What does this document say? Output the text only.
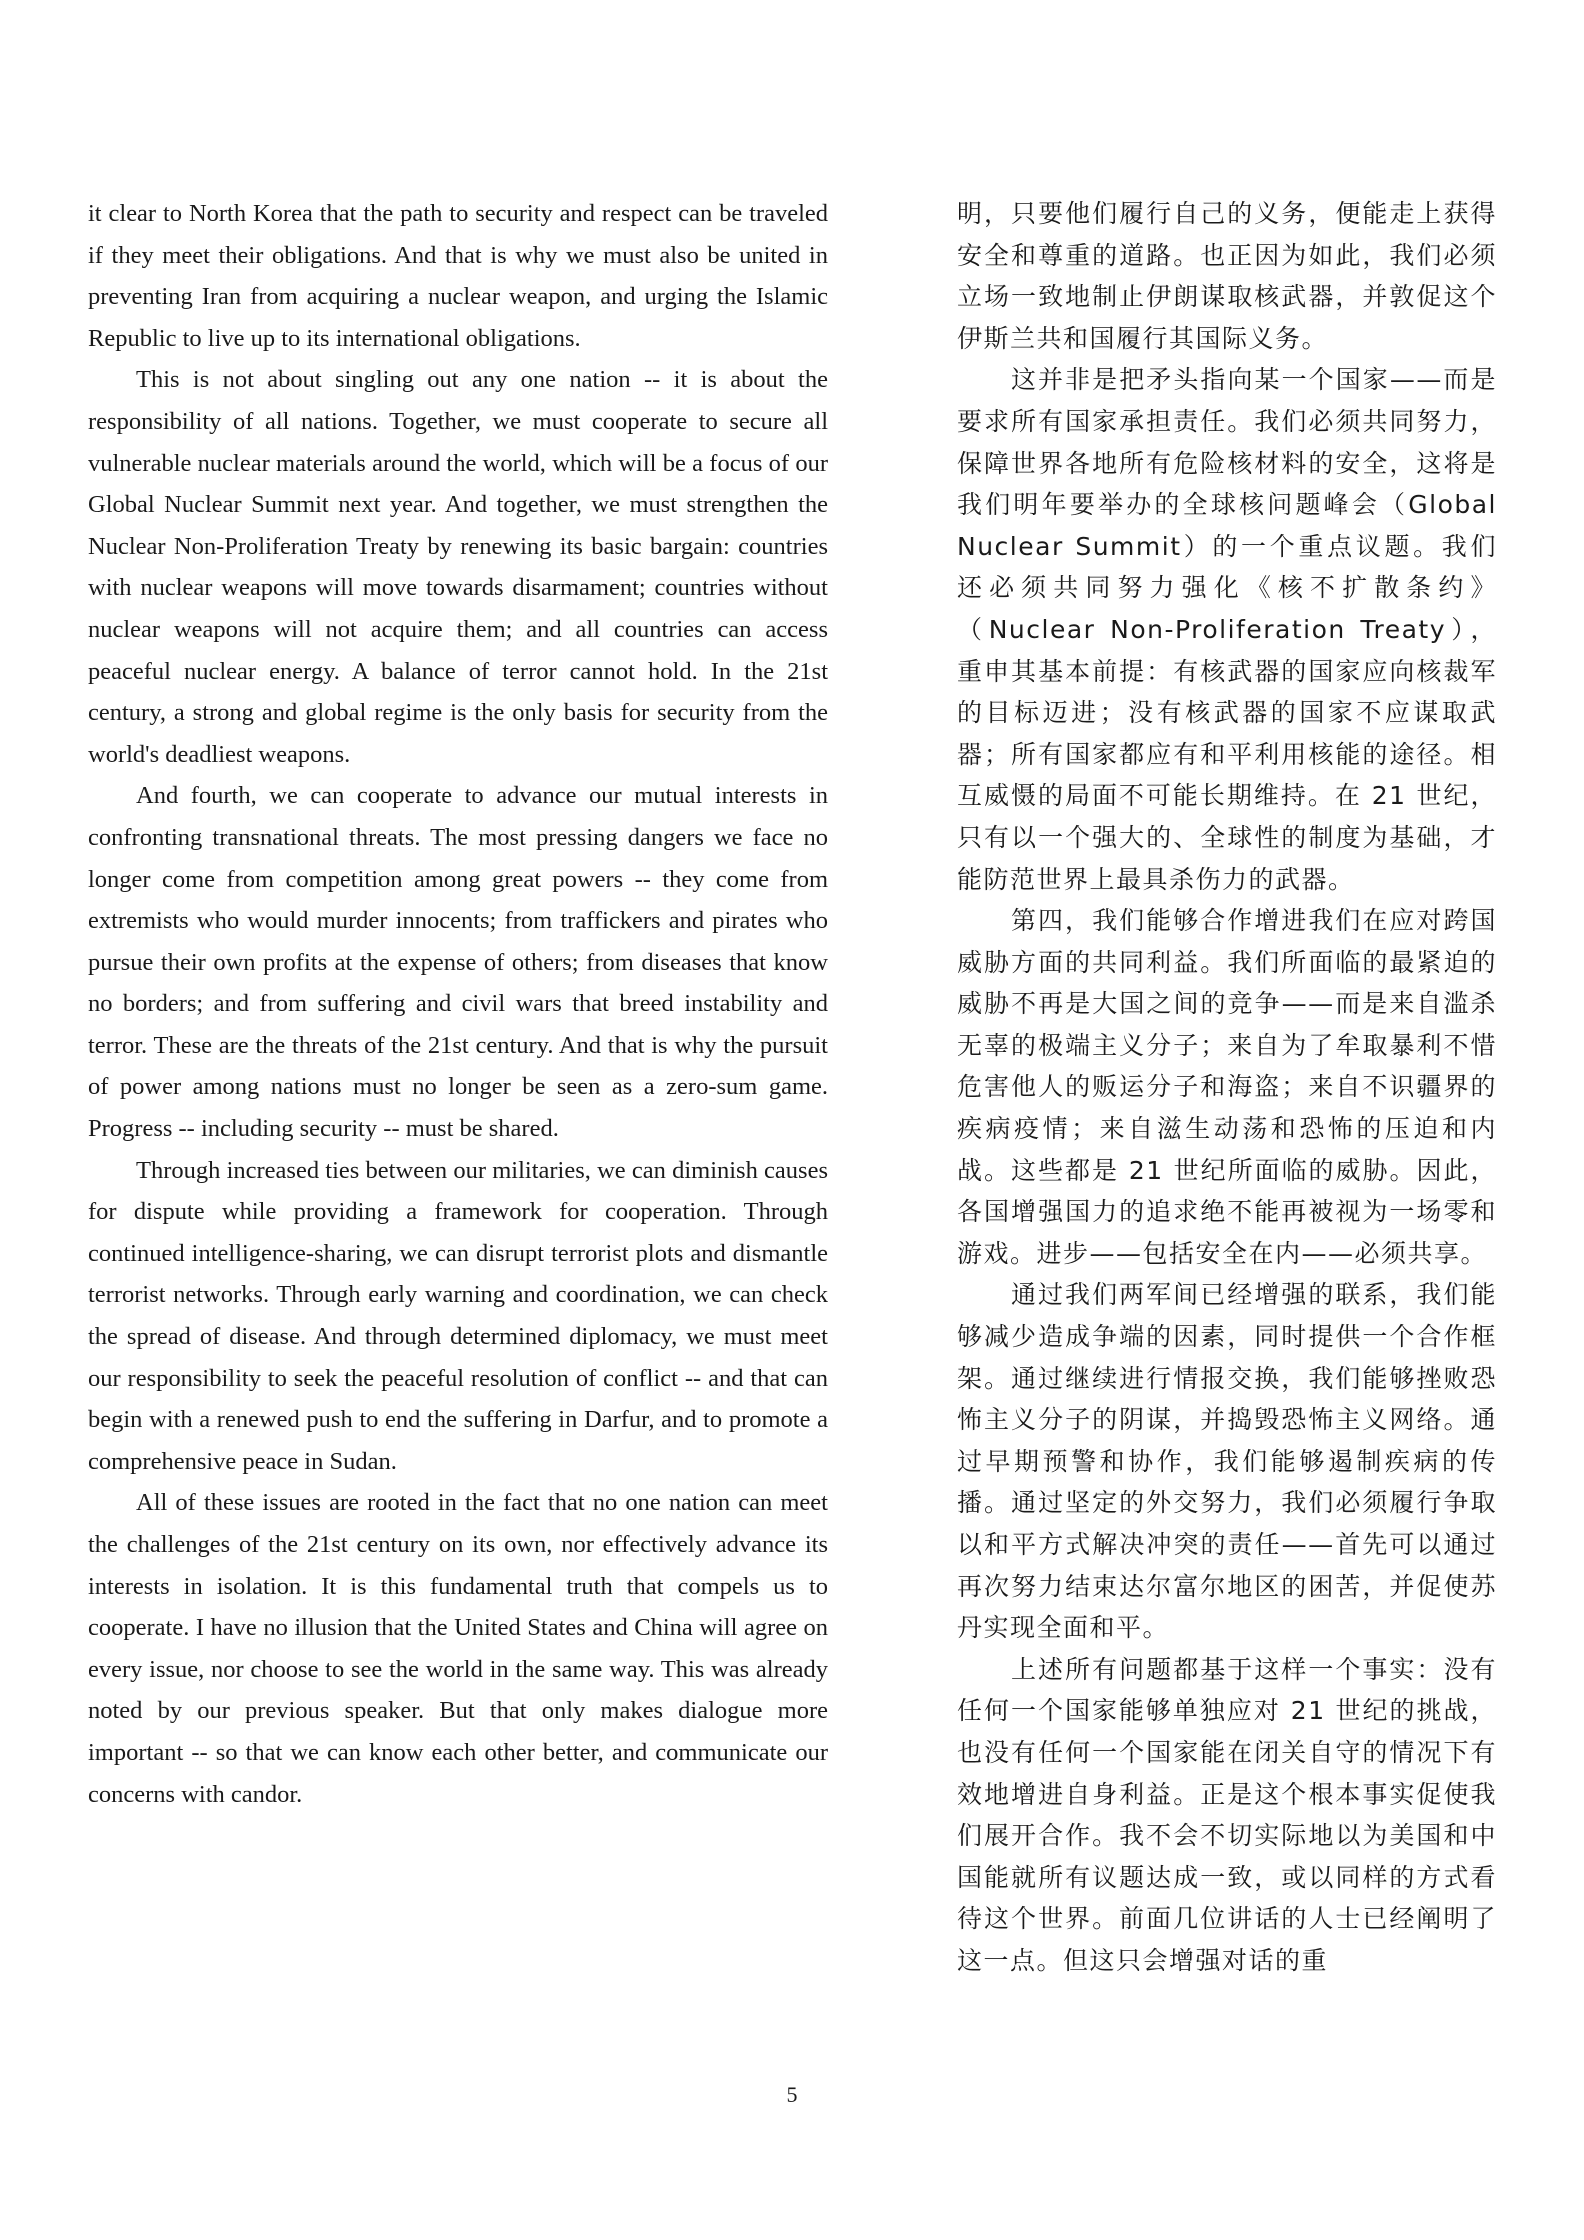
it clear to North Korea that the path to security and respect can be traveled if they meet their obligations. And that is why we must also be united in preventing Iran from acquiring a nuclear weapon, and urging the Islamic Republic to live up to its international obligations.

This is not about singling out any one nation -- it is about the responsibility of all nations. Together, we must cooperate to secure all vulnerable nuclear materials around the world, which will be a focus of our Global Nuclear Summit next year. And together, we must strengthen the Nuclear Non-Proliferation Treaty by renewing its basic bargain: countries with nuclear weapons will move towards disarmament; countries without nuclear weapons will not acquire them; and all countries can access peaceful nuclear energy. A balance of terror cannot hold. In the 21st century, a strong and global regime is the only basis for security from the world's deadliest weapons.

And fourth, we can cooperate to advance our mutual interests in confronting transnational threats. The most pressing dangers we face no longer come from competition among great powers -- they come from extremists who would murder innocents; from traffickers and pirates who pursue their own profits at the expense of others; from diseases that know no borders; and from suffering and civil wars that breed instability and terror. These are the threats of the 21st century. And that is why the pursuit of power among nations must no longer be seen as a zero-sum game. Progress -- including security -- must be shared.

Through increased ties between our militaries, we can diminish causes for dispute while providing a framework for cooperation. Through continued intelligence-sharing, we can disrupt terrorist plots and dismantle terrorist networks. Through early warning and coordination, we can check the spread of disease. And through determined diplomacy, we must meet our responsibility to seek the peaceful resolution of conflict -- and that can begin with a renewed push to end the suffering in Darfur, and to promote a comprehensive peace in Sudan.

All of these issues are rooted in the fact that no one nation can meet the challenges of the 21st century on its own, nor effectively advance its interests in isolation. It is this fundamental truth that compels us to cooperate. I have no illusion that the United States and China will agree on every issue, nor choose to see the world in the same way. This was already noted by our previous speaker. But that only makes dialogue more important -- so that we can know each other better, and communicate our concerns with candor.

明，只要他们履行自己的义务，便能走上获得安全和尊重的道路。也正因为如此，我们必须立场一致地制止伊朗谋取核武器，并敦促这个伊斯兰共和国履行其国际义务。

这并非是把矛头指向某一个国家——而是要求所有国家承担责任。我们必须共同努力，保障世界各地所有危险核材料的安全，这将是我们明年要举办的全球核问题峰会（Global Nuclear Summit）的一个重点议题。我们还必须共同努力强化《核不扩散条约》（Nuclear Non-Proliferation Treaty），重申其基本前提：有核武器的国家应向核裁军的目标迈进；没有核武器的国家不应谋取武器；所有国家都应有和平利用核能的途径。相互威慑的局面不可能长期维持。在 21 世纪，只有以一个强大的、全球性的制度为基础，才能防范世界上最具杀伤力的武器。

第四，我们能够合作增进我们在应对跨国威胁方面的共同利益。我们所面临的最紧迫的威胁不再是大国之间的竞争——而是来自滥杀无辜的极端主义分子；来自为了牟取暴利不惜危害他人的贩运分子和海盗；来自不识疆界的疾病疫情；来自滋生动荡和恐怖的压迫和内战。这些都是 21 世纪所面临的威胁。因此，各国增强国力的追求绝不能再被视为一场零和游戏。进步——包括安全在内——必须共享。

通过我们两军间已经增强的联系，我们能够减少造成争端的因素，同时提供一个合作框架。通过继续进行情报交换，我们能够挫败恐怖主义分子的阴谋，并捣毁恐怖主义网络。通过早期预警和协作，我们能够遏制疾病的传播。通过坚定的外交努力，我们必须履行争取以和平方式解决冲突的责任——首先可以通过再次努力结束达尔富尔地区的困苦，并促使苏丹实现全面和平。

上述所有问题都基于这样一个事实：没有任何一个国家能够单独应对 21 世纪的挑战，也没有任何一个国家能在闭关自守的情况下有效地增进自身利益。正是这个根本事实促使我们展开合作。我不会不切实际地以为美国和中国能就所有议题达成一致，或以同样的方式看待这个世界。前面几位讲话的人士已经阐明了这一点。但这只会增强对话的重

5
